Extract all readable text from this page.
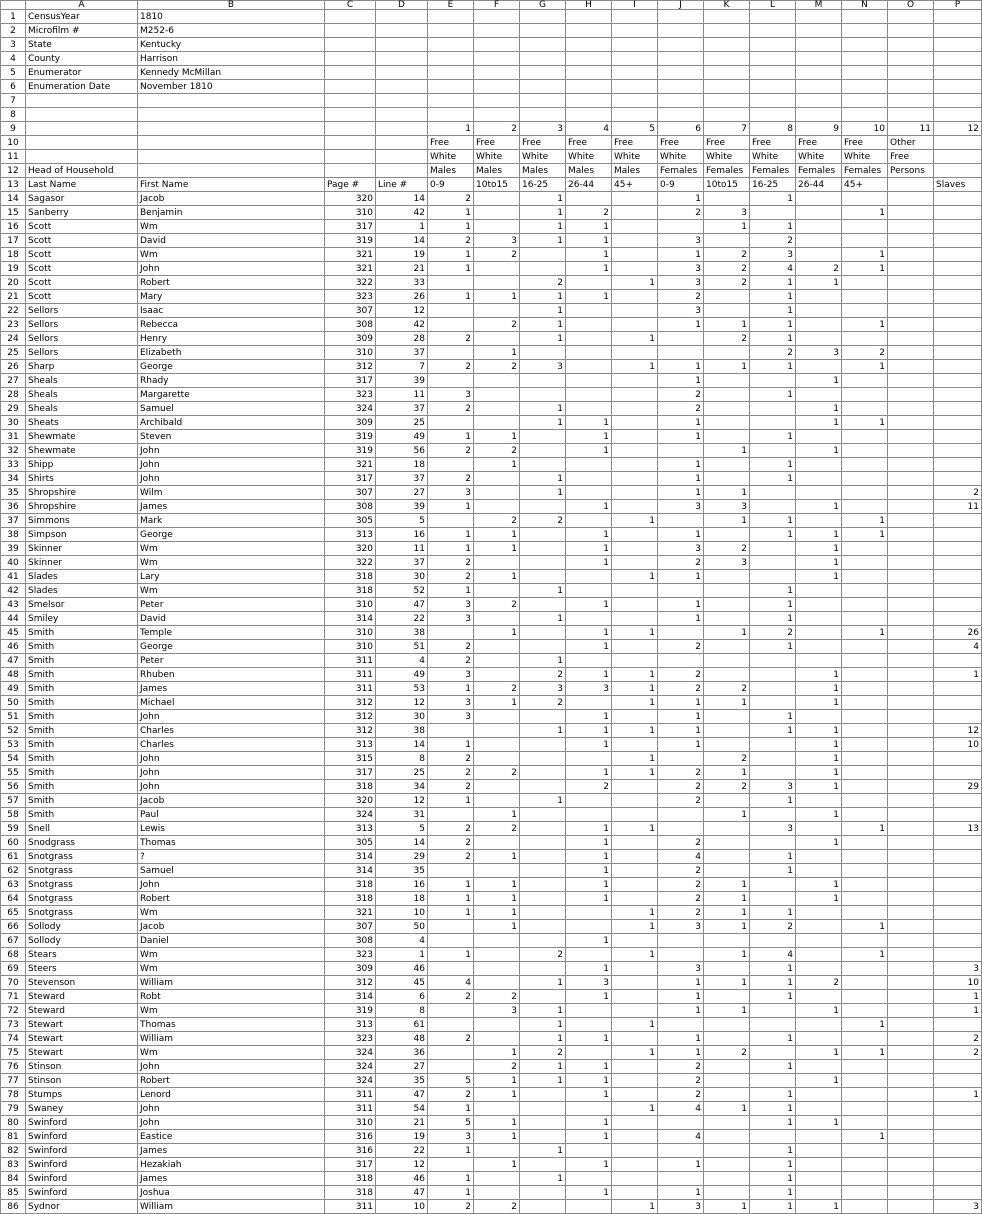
	A	B	C	D	E	F	G	H	I	J	K	L	M	N	O	P
1	CensusYear	1810														
2	Microfilm #	M252-6														
3	State	Kentucky														
4	County	Harrison														
5	Enumerator	Kennedy McMillan														
6	Enumeration Date	November 1810														
7																
8																
9					1	2	3	4	5	6	7	8	9	10	11	12
10					Free	Free	Free	Free	Free	Free	Free	Free	Free	Free	Other	
11					White	White	White	White	White	White	White	White	White	White	Free	
12	Head of Household				Males	Males	Males	Males	Males	Females	Females	Females	Females	Females	Persons	
13	Last Name	First Name	Page #	Line #	0-9	10to15	16-25	26-44	45+	0-9	10to15	16-25	26-44	45+		Slaves
14	Sagasor	Jacob	320	14	2		1			1		1				
15	Sanberry	Benjamin	310	42	1		1	2		2	3			1		
16	Scott	Wm	317	1	1		1	1			1	1				
17	Scott	David	319	14	2	3	1	1		3		2				
18	Scott	Wm	321	19	1	2		1		1	2	3		1		
19	Scott	John	321	21	1			1		3	2	4	2	1		
20	Scott	Robert	322	33			2		1	3	2	1	1			
21	Scott	Mary	323	26	1	1	1	1		2		1				
22	Sellors	Isaac	307	12			1			3		1				
23	Sellors	Rebecca	308	42		2	1			1	1	1		1		
24	Sellors	Henry	309	28	2		1		1		2	1				
25	Sellors	Elizabeth	310	37		1						2	3	2		
26	Sharp	George	312	7	2	2	3		1	1	1	1		1		
27	Sheals	Rhady	317	39						1			1			
28	Sheals	Margarette	323	11	3					2		1				
29	Sheals	Samuel	324	37	2		1			2			1			
30	Sheats	Archibald	309	25			1	1		1			1	1		
31	Shewmate	Steven	319	49	1	1		1		1		1				
32	Shewmate	John	319	56	2	2		1			1		1			
33	Shipp	John	321	18		1				1		1				
34	Shirts	John	317	37	2		1			1		1				
35	Shropshire	Wilm	307	27	3		1			1	1					2
36	Shropshire	James	308	39	1			1		3	3		1			11
37	Simmons	Mark	305	5		2	2		1		1	1		1		
38	Simpson	George	313	16	1	1		1		1		1	1	1		
39	Skinner	Wm	320	11	1	1		1		3	2		1			
40	Skinner	Wm	322	37	2			1		2	3		1			
41	Slades	Lary	318	30	2	1			1	1			1			
42	Slades	Wm	318	52	1		1					1				
43	Smelsor	Peter	310	47	3	2		1		1		1				
44	Smiley	David	314	22	3		1			1		1				
45	Smith	Temple	310	38		1		1	1		1	2		1		26
46	Smith	George	310	51	2			1		2		1				4
47	Smith	Peter	311	4	2		1									
48	Smith	Rhuben	311	49	3		2	1	1	2			1			1
49	Smith	James	311	53	1	2	3	3	1	2	2		1			
50	Smith	Michael	312	12	3	1	2		1	1	1		1			
51	Smith	John	312	30	3			1		1		1				
52	Smith	Charles	312	38			1	1	1	1		1	1			12
53	Smith	Charles	313	14	1			1		1			1			10
54	Smith	John	315	8	2				1		2		1			
55	Smith	John	317	25	2	2		1	1	2	1		1			
56	Smith	John	318	34	2			2		2	2	3	1			29
57	Smith	Jacob	320	12	1		1			2		1				
58	Smith	Paul	324	31		1					1		1			
59	Snell	Lewis	313	5	2	2		1	1			3		1		13
60	Snodgrass	Thomas	305	14	2			1		2			1			
61	Snotgrass	?	314	29	2	1		1		4		1				
62	Snotgrass	Samuel	314	35				1		2		1				
63	Snotgrass	John	318	16	1	1		1		2	1		1			
64	Snotgrass	Robert	318	18	1	1		1		2	1		1			
65	Snotgrass	Wm	321	10	1	1			1	2	1	1				
66	Sollody	Jacob	307	50		1			1	3	1	2		1		
67	Sollody	Daniel	308	4				1								
68	Stears	Wm	323	1	1		2		1		1	4		1		
69	Steers	Wm	309	46				1		3		1				3
70	Stevenson	William	312	45	4		1	3		1	1	1	2			10
71	Steward	Robt	314	6	2	2		1		1		1				1
72	Steward	Wm	319	8		3	1			1	1		1			1
73	Stewart	Thomas	313	61			1		1					1		
74	Stewart	William	323	48	2		1	1		1		1				2
75	Stewart	Wm	324	36		1	2		1	1	2		1	1		2
76	Stinson	John	324	27		2	1	1		2		1				
77	Stinson	Robert	324	35	5	1	1	1		2			1			
78	Stumps	Lenord	311	47	2	1		1		2		1				1
79	Swaney	John	311	54	1				1	4	1	1				
80	Swinford	John	310	21	5	1		1				1	1			
81	Swinford	Eastice	316	19	3	1		1		4				1		
82	Swinford	James	316	22	1		1					1				
83	Swinford	Hezakiah	317	12		1		1		1		1				
84	Swinford	James	318	46	1		1					1				
85	Swinford	Joshua	318	47	1			1		1		1				
86	Sydnor	William	311	10	2	2			1	3	1	1	1			3
